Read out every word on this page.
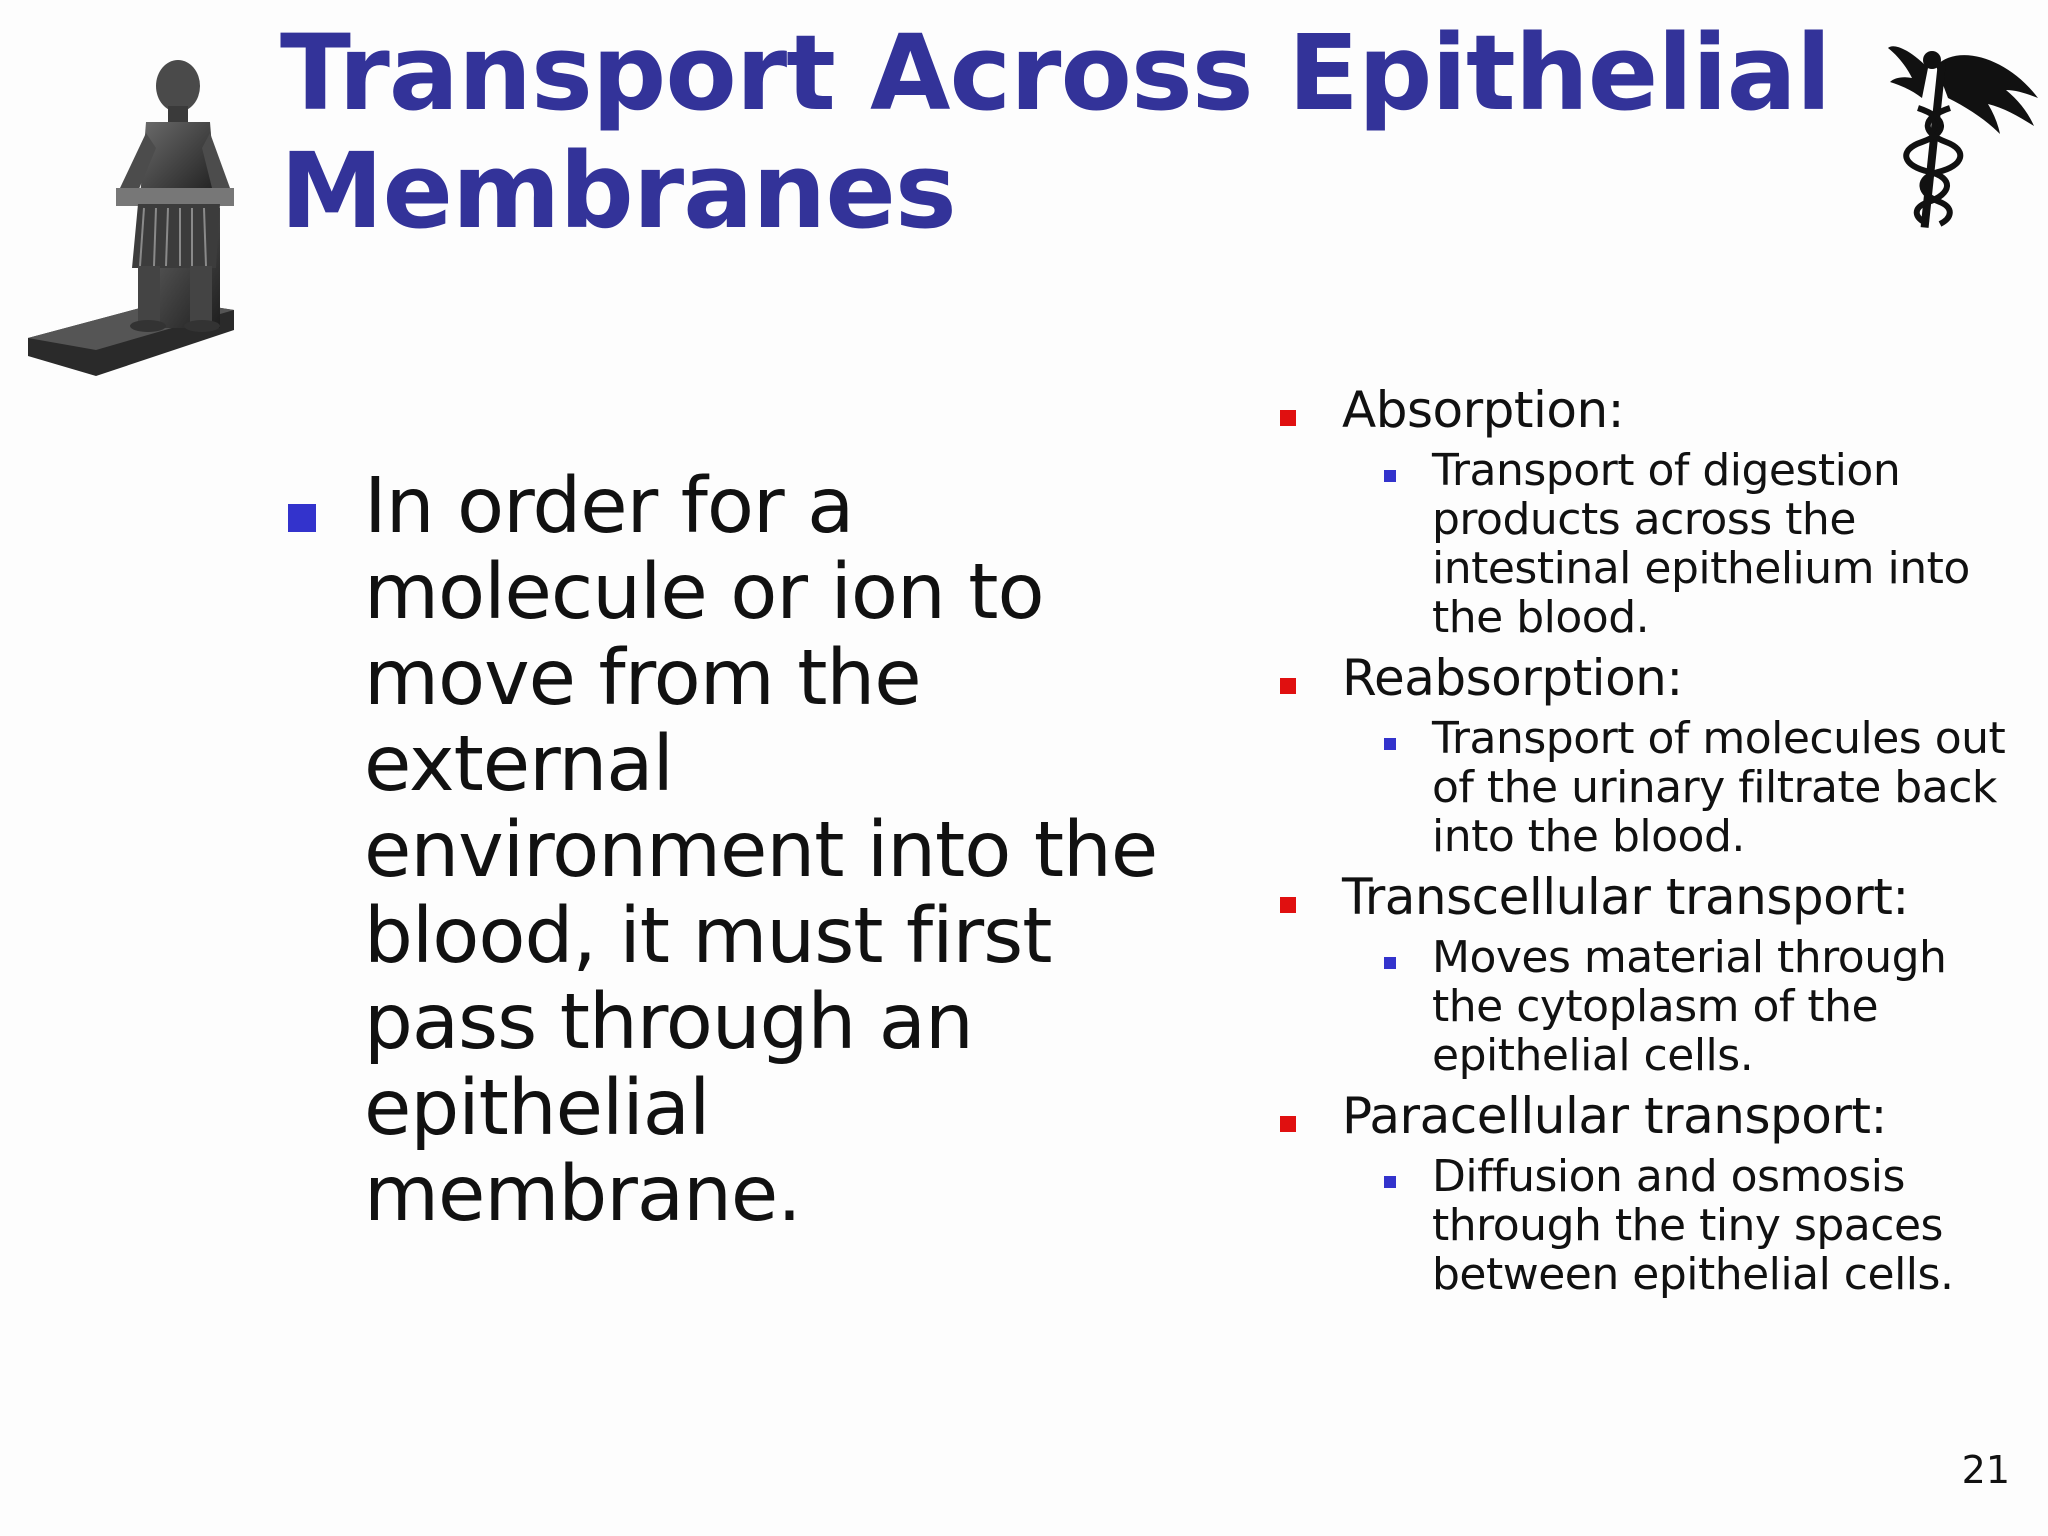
Transport Across Epithelial Membranes
In order for a molecule or ion to move from the external environment into the blood, it must first pass through an epithelial membrane.
Absorption:
Transport of digestion products across the intestinal epithelium into the blood.
Reabsorption:
Transport of molecules out of the urinary filtrate back into the blood.
Transcellular transport:
Moves material through the cytoplasm of the epithelial cells.
Paracellular transport:
Diffusion and osmosis through the tiny spaces between epithelial cells.
21
